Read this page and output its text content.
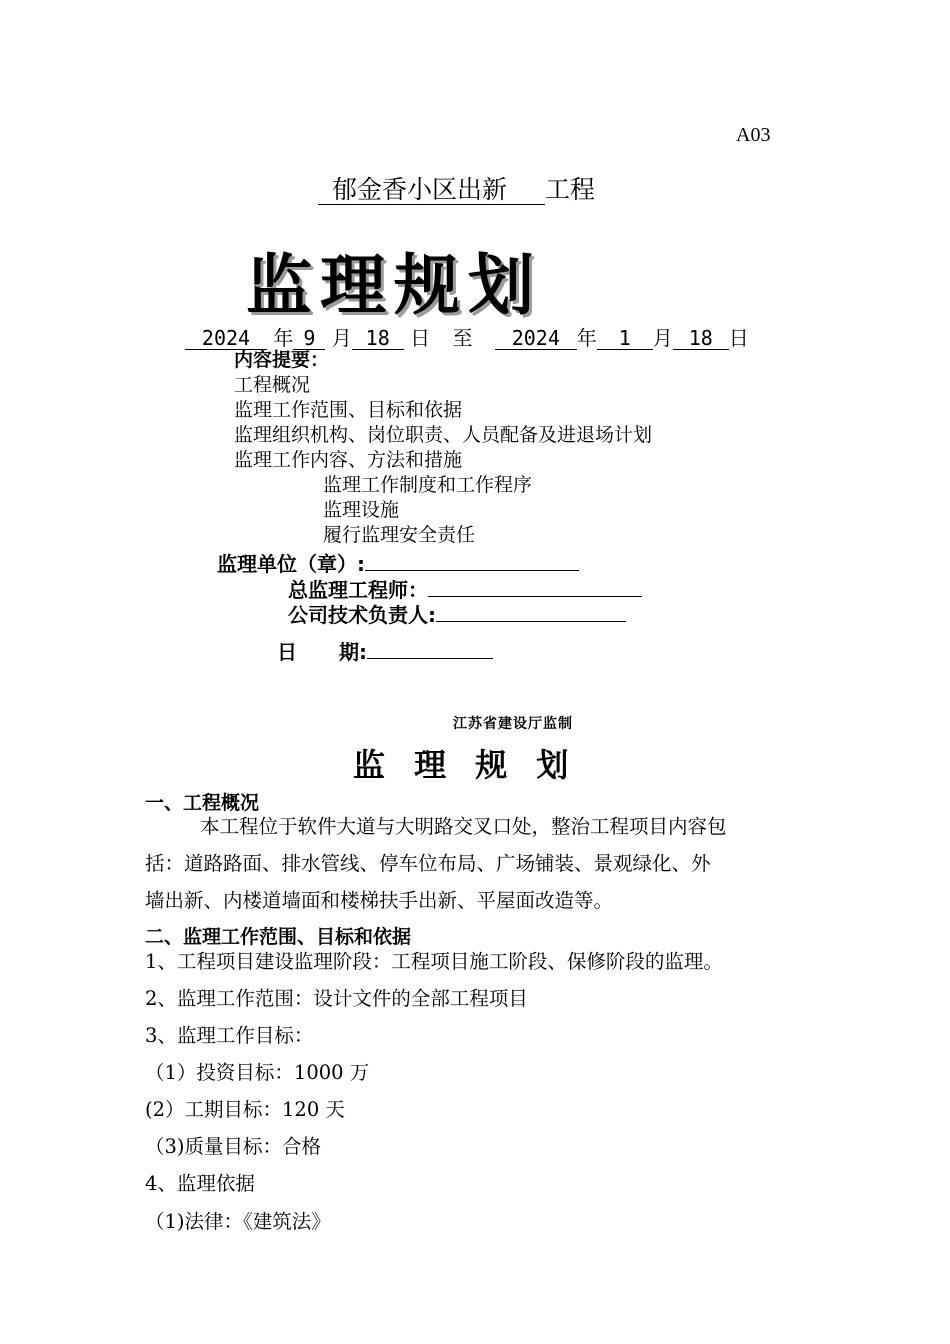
A03
郁金香小区出新 工程
监理规划
2024 年 9 月 18 日 至 2024 年 1 月 18 日
内容提要：
工程概况
监理工作范围、目标和依据
监理组织机构、岗位职责、人员配备及进退场计划
监理工作内容、方法和措施
监理工作制度和工作程序
监理设施
履行监理安全责任
监理单位（章）:
总监理工程师：
公司技术负责人:
日 期:
江苏省建设厅监制
监 理 规 划
一、工程概况
本工程位于软件大道与大明路交叉口处，整治工程项目内容包
括：道路路面、排水管线、停车位布局、广场铺装、景观绿化、外
墙出新、内楼道墙面和楼梯扶手出新、平屋面改造等。
二、监理工作范围、目标和依据
1、工程项目建设监理阶段：工程项目施工阶段、保修阶段的监理。
2、监理工作范围：设计文件的全部工程项目
3、监理工作目标：
（1）投资目标：1000 万
(2）工期目标：120 天
（3)质量目标：合格
4、监理依据
（1)法律：《建筑法》
